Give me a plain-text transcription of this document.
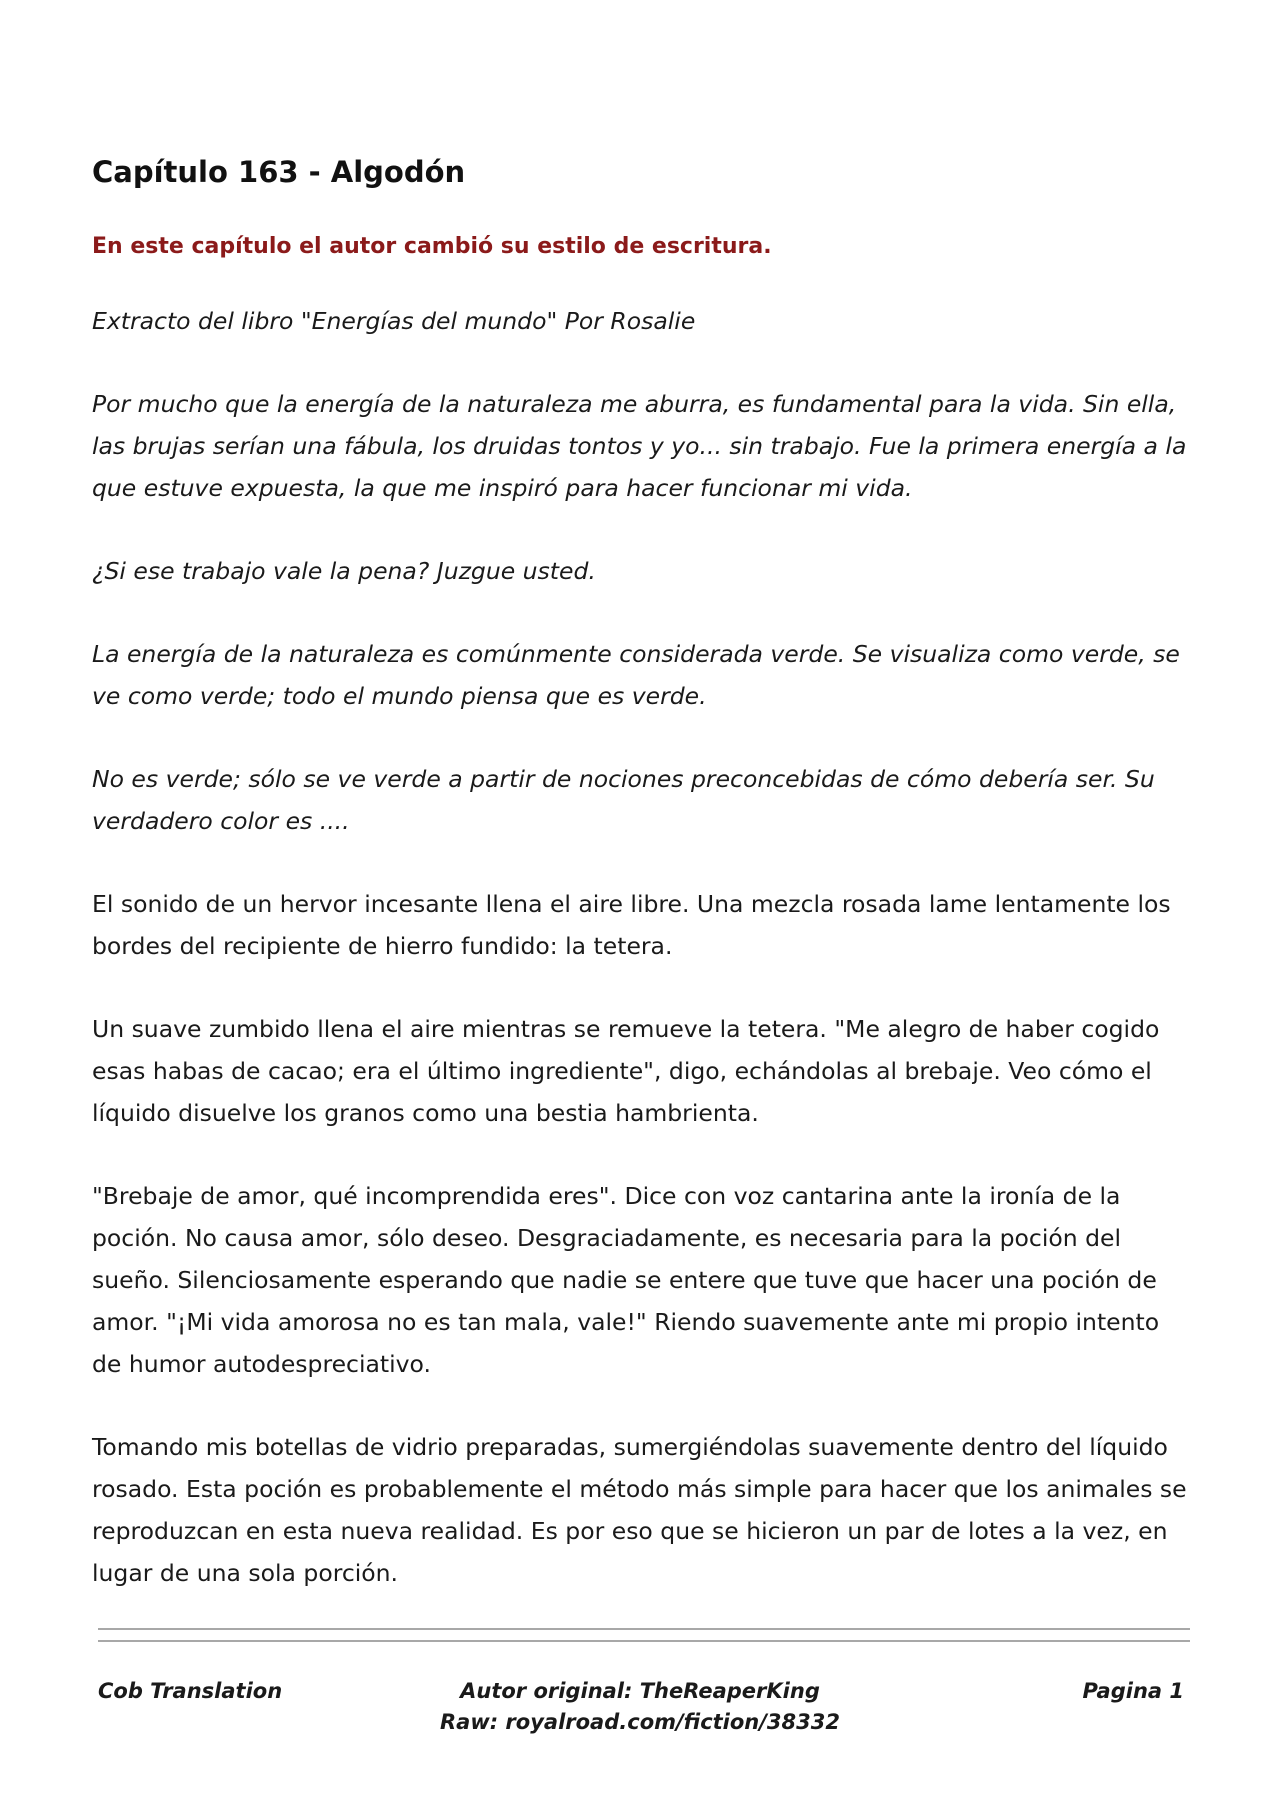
Capítulo 163 - Algodón
En este capítulo el autor cambió su estilo de escritura.

Extracto del libro "Energías del mundo" Por Rosalie

Por mucho que la energía de la naturaleza me aburra, es fundamental para la vida. Sin ella, las brujas serían una fábula, los druidas tontos y yo... sin trabajo. Fue la primera energía a la que estuve expuesta, la que me inspiró para hacer funcionar mi vida.

¿Si ese trabajo vale la pena? Juzgue usted.

La energía de la naturaleza es comúnmente considerada verde. Se visualiza como verde, se ve como verde; todo el mundo piensa que es verde.

No es verde; sólo se ve verde a partir de nociones preconcebidas de cómo debería ser. Su verdadero color es ....

El sonido de un hervor incesante llena el aire libre. Una mezcla rosada lame lentamente los bordes del recipiente de hierro fundido: la tetera.

Un suave zumbido llena el aire mientras se remueve la tetera. "Me alegro de haber cogido esas habas de cacao; era el último ingrediente", digo, echándolas al brebaje. Veo cómo el líquido disuelve los granos como una bestia hambrienta.

"Brebaje de amor, qué incomprendida eres". Dice con voz cantarina ante la ironía de la poción. No causa amor, sólo deseo. Desgraciadamente, es necesaria para la poción del sueño. Silenciosamente esperando que nadie se entere que tuve que hacer una poción de amor. "¡Mi vida amorosa no es tan mala, vale!" Riendo suavemente ante mi propio intento de humor autodespreciativo.

Tomando mis botellas de vidrio preparadas, sumergiéndolas suavemente dentro del líquido rosado. Esta poción es probablemente el método más simple para hacer que los animales se reproduzcan en esta nueva realidad. Es por eso que se hicieron un par de lotes a la vez, en lugar de una sola porción.

Cob Translation	Autor original: TheReaperKing
Raw: royalroad.com/fiction/38332
Pagina 1
